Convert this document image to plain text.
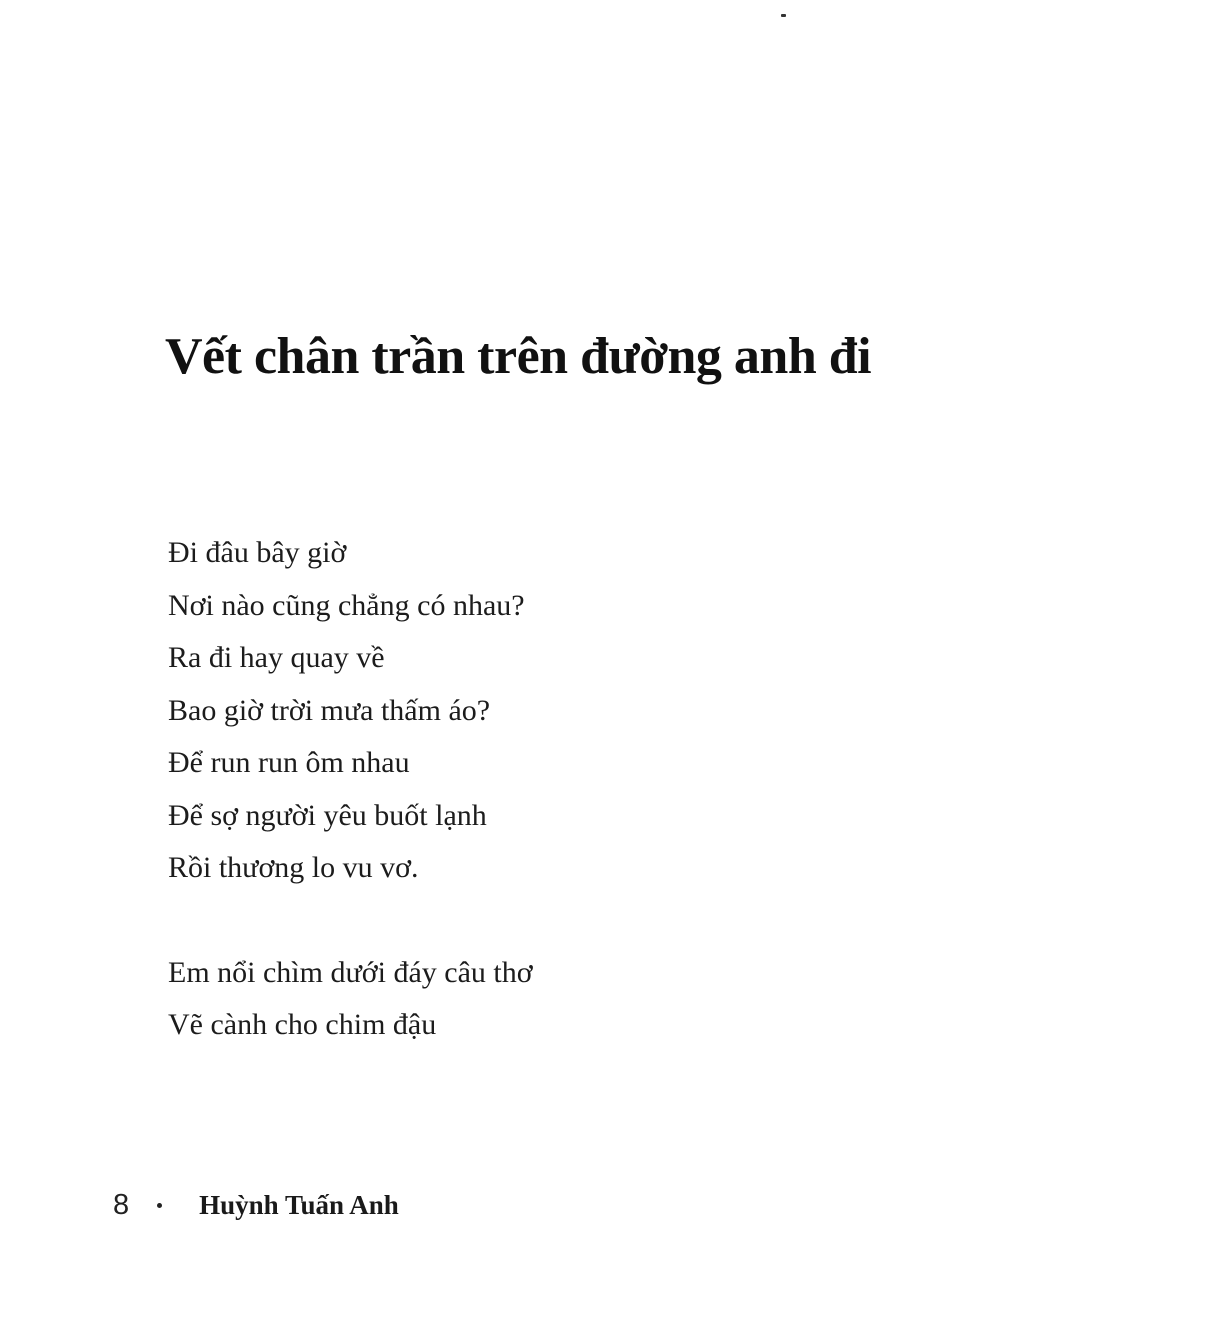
Vết chân trần trên đường anh đi
Đi đâu bây giờ
Nơi nào cũng chẳng có nhau?
Ra đi hay quay về
Bao giờ trời mưa thấm áo?
Để run run ôm nhau
Để sợ người yêu buốt lạnh
Rồi thương lo vu vơ.
Em nổi chìm dưới đáy câu thơ
Vẽ cành cho chim đậu
8	Huỳnh Tuấn Anh
